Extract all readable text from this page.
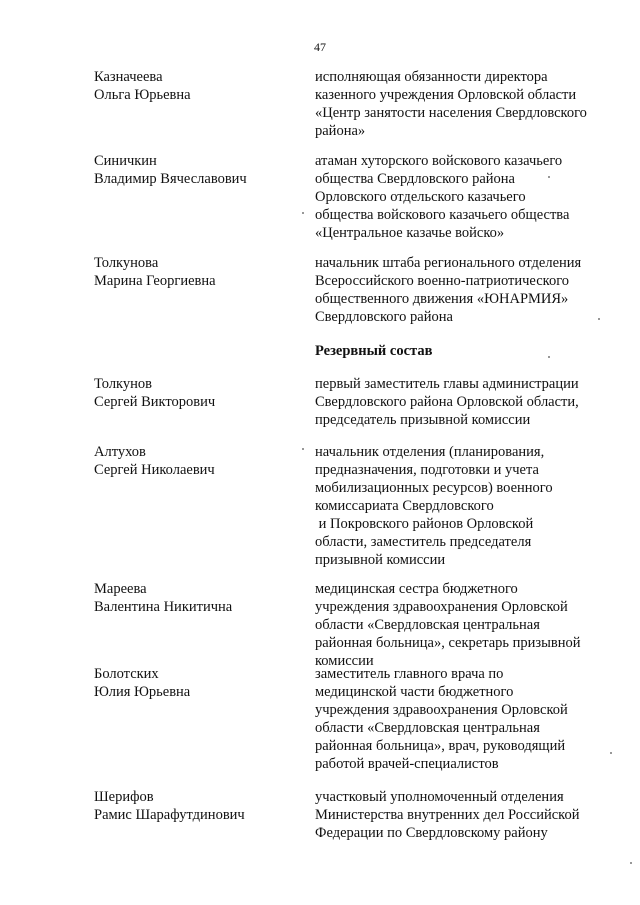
47
Казначеева
Ольга Юрьевна
исполняющая обязанности директора
казенного учреждения Орловской области
«Центр занятости населения Свердловского
района»
Синичкин
Владимир Вячеславович
атаман хуторского войскового казачьего
общества Свердловского района
Орловского отдельского казачьего
общества войскового казачьего общества
«Центральное казачье войско»
Толкунова
Марина Георгиевна
начальник штаба регионального отделения
Всероссийского военно-патриотического
общественного движения «ЮНАРМИЯ»
Свердловского района
Резервный состав
Толкунов
Сергей Викторович
первый заместитель главы администрации
Свердловского района Орловской области,
председатель призывной комиссии
Алтухов
Сергей Николаевич
начальник отделения (планирования,
предназначения, подготовки и учета
мобилизационных ресурсов) военного
комиссариата Свердловского
и Покровского районов Орловской
области, заместитель председателя
призывной комиссии
Мареева
Валентина Никитична
медицинская сестра бюджетного
учреждения здравоохранения Орловской
области «Свердловская центральная
районная больница», секретарь призывной
комиссии
Болотских
Юлия Юрьевна
заместитель главного врача по
медицинской части бюджетного
учреждения здравоохранения Орловской
области «Свердловская центральная
районная больница», врач, руководящий
работой врачей-специалистов
Шерифов
Рамис Шарафутдинович
участковый уполномоченный отделения
Министерства внутренних дел Российской
Федерации по Свердловскому району
